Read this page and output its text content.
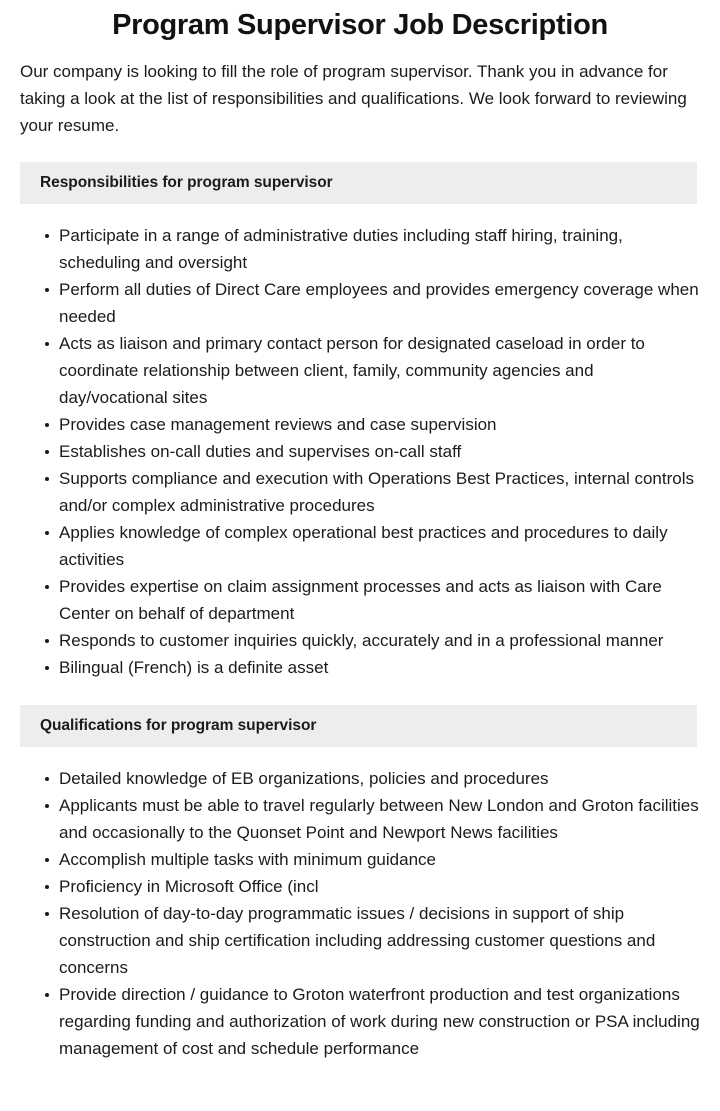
Program Supervisor Job Description

Our company is looking to fill the role of program supervisor. Thank you in advance for taking a look at the list of responsibilities and qualifications. We look forward to reviewing your resume.

Responsibilities for program supervisor
Participate in a range of administrative duties including staff hiring, training, scheduling and oversight
Perform all duties of Direct Care employees and provides emergency coverage when needed
Acts as liaison and primary contact person for designated caseload in order to coordinate relationship between client, family, community agencies and day/vocational sites
Provides case management reviews and case supervision
Establishes on-call duties and supervises on-call staff
Supports compliance and execution with Operations Best Practices, internal controls and/or complex administrative procedures
Applies knowledge of complex operational best practices and procedures to daily activities
Provides expertise on claim assignment processes and acts as liaison with Care Center on behalf of department
Responds to customer inquiries quickly, accurately and in a professional manner
Bilingual (French) is a definite asset
Qualifications for program supervisor
Detailed knowledge of EB organizations, policies and procedures
Applicants must be able to travel regularly between New London and Groton facilities and occasionally to the Quonset Point and Newport News facilities
Accomplish multiple tasks with minimum guidance
Proficiency in Microsoft Office (incl
Resolution of day-to-day programmatic issues / decisions in support of ship construction and ship certification including addressing customer questions and concerns
Provide direction / guidance to Groton waterfront production and test organizations regarding funding and authorization of work during new construction or PSA including management of cost and schedule performance
